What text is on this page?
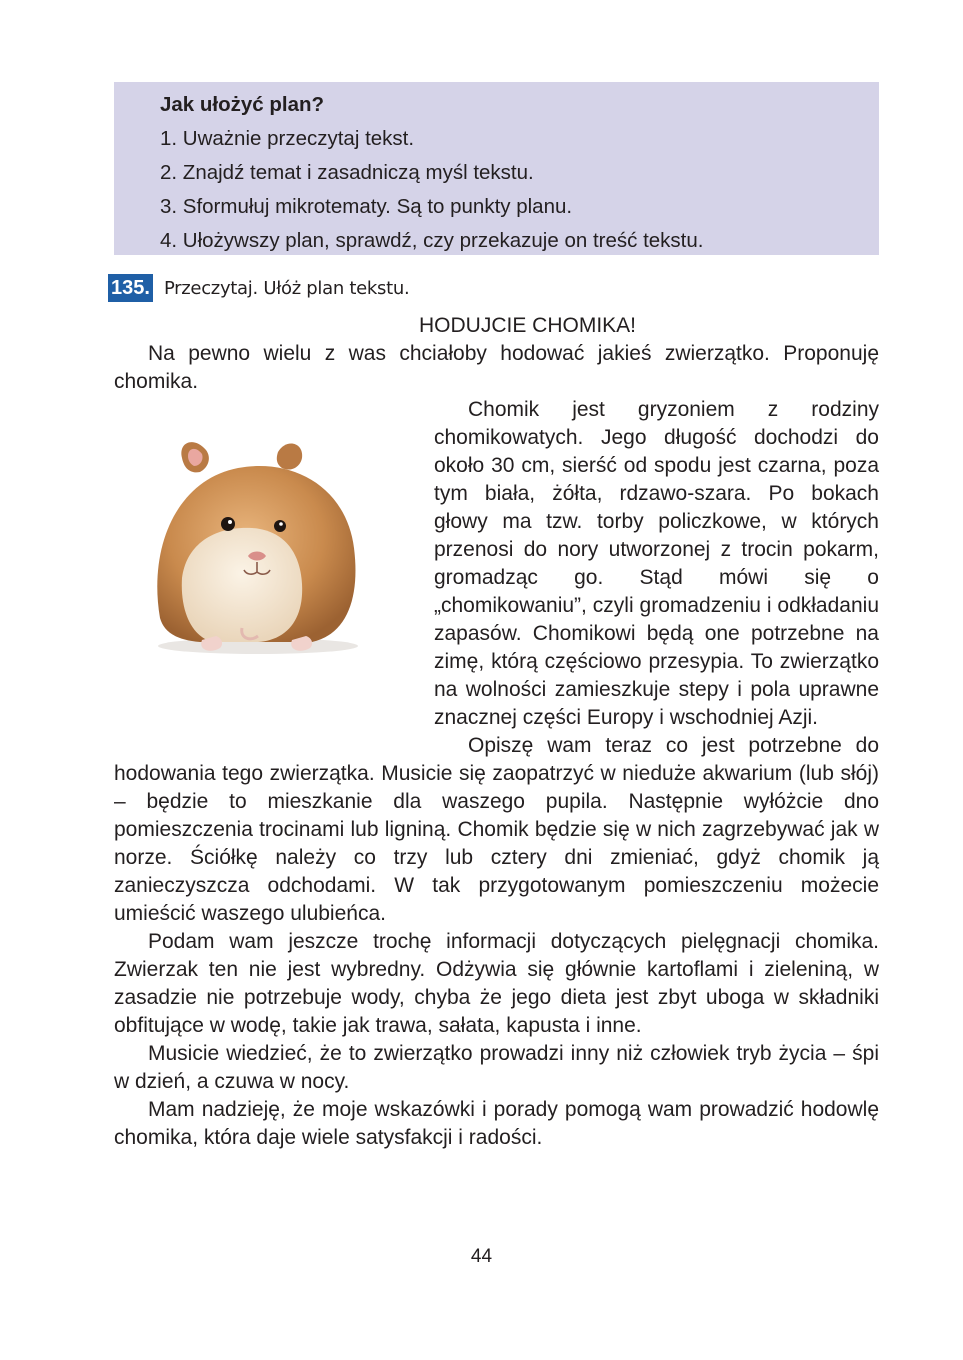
Jak ułożyć plan?

1. Uważnie przeczytaj tekst.

2. Znajdź temat i zasadniczą myśl tekstu.

3. Sformułuj mikrotematy. Są to punkty planu.

4. Ułożywszy plan, sprawdź, czy przekazuje on treść tekstu.

135. Przeczytaj. Ułóż plan tekstu.

HODUJCIE CHOMIKA!

Na pewno wielu z was chciałoby hodować jakieś zwierzątko. Proponuję chomika.

Chomik jest gryzoniem z rodziny chomikowatych. Jego długość dochodzi do około 30 cm, sierść od spodu jest czarna, poza tym biała, żółta, rdzawo-szara. Po bokach głowy ma tzw. torby policzkowe, w których przenosi do nory utworzonej z trocin pokarm, gromadząc go. Stąd mówi się o „chomikowaniu”, czyli gromadzeniu i odkładaniu zapasów. Chomikowi będą one potrzebne na zimę, którą częściowo przesypia. To zwierzątko na wolności zamieszkuje stepy i pola uprawne znacznej części Europy i wschodniej Azji.

Opiszę wam teraz co jest potrzebne do hodowania tego zwierzątka. Musicie się zaopatrzyć w nieduże akwarium (lub słój) – będzie to mieszkanie dla waszego pupila. Następnie wyłóżcie dno pomieszczenia trocinami lub ligniną. Chomik będzie się w nich zagrzebywać jak w norze. Ściółkę należy co trzy lub cztery dni zmieniać, gdyż chomik ją zanieczyszcza odchodami. W tak przygotowanym pomieszczeniu możecie umieścić waszego ulubieńca.

Podam wam jeszcze trochę informacji dotyczących pielęgnacji chomika. Zwierzak ten nie jest wybredny. Odżywia się głównie kartoflami i zieleniną, w zasadzie nie potrzebuje wody, chyba że jego dieta jest zbyt uboga w składniki obfitujące w wodę, takie jak trawa, sałata, kapusta i inne.

Musicie wiedzieć, że to zwierzątko prowadzi inny niż człowiek tryb życia – śpi w dzień, a czuwa w nocy.

Mam nadzieję, że moje wskazówki i porady pomogą wam prowadzić hodowlę chomika, która daje wiele satysfakcji i radości.

44
